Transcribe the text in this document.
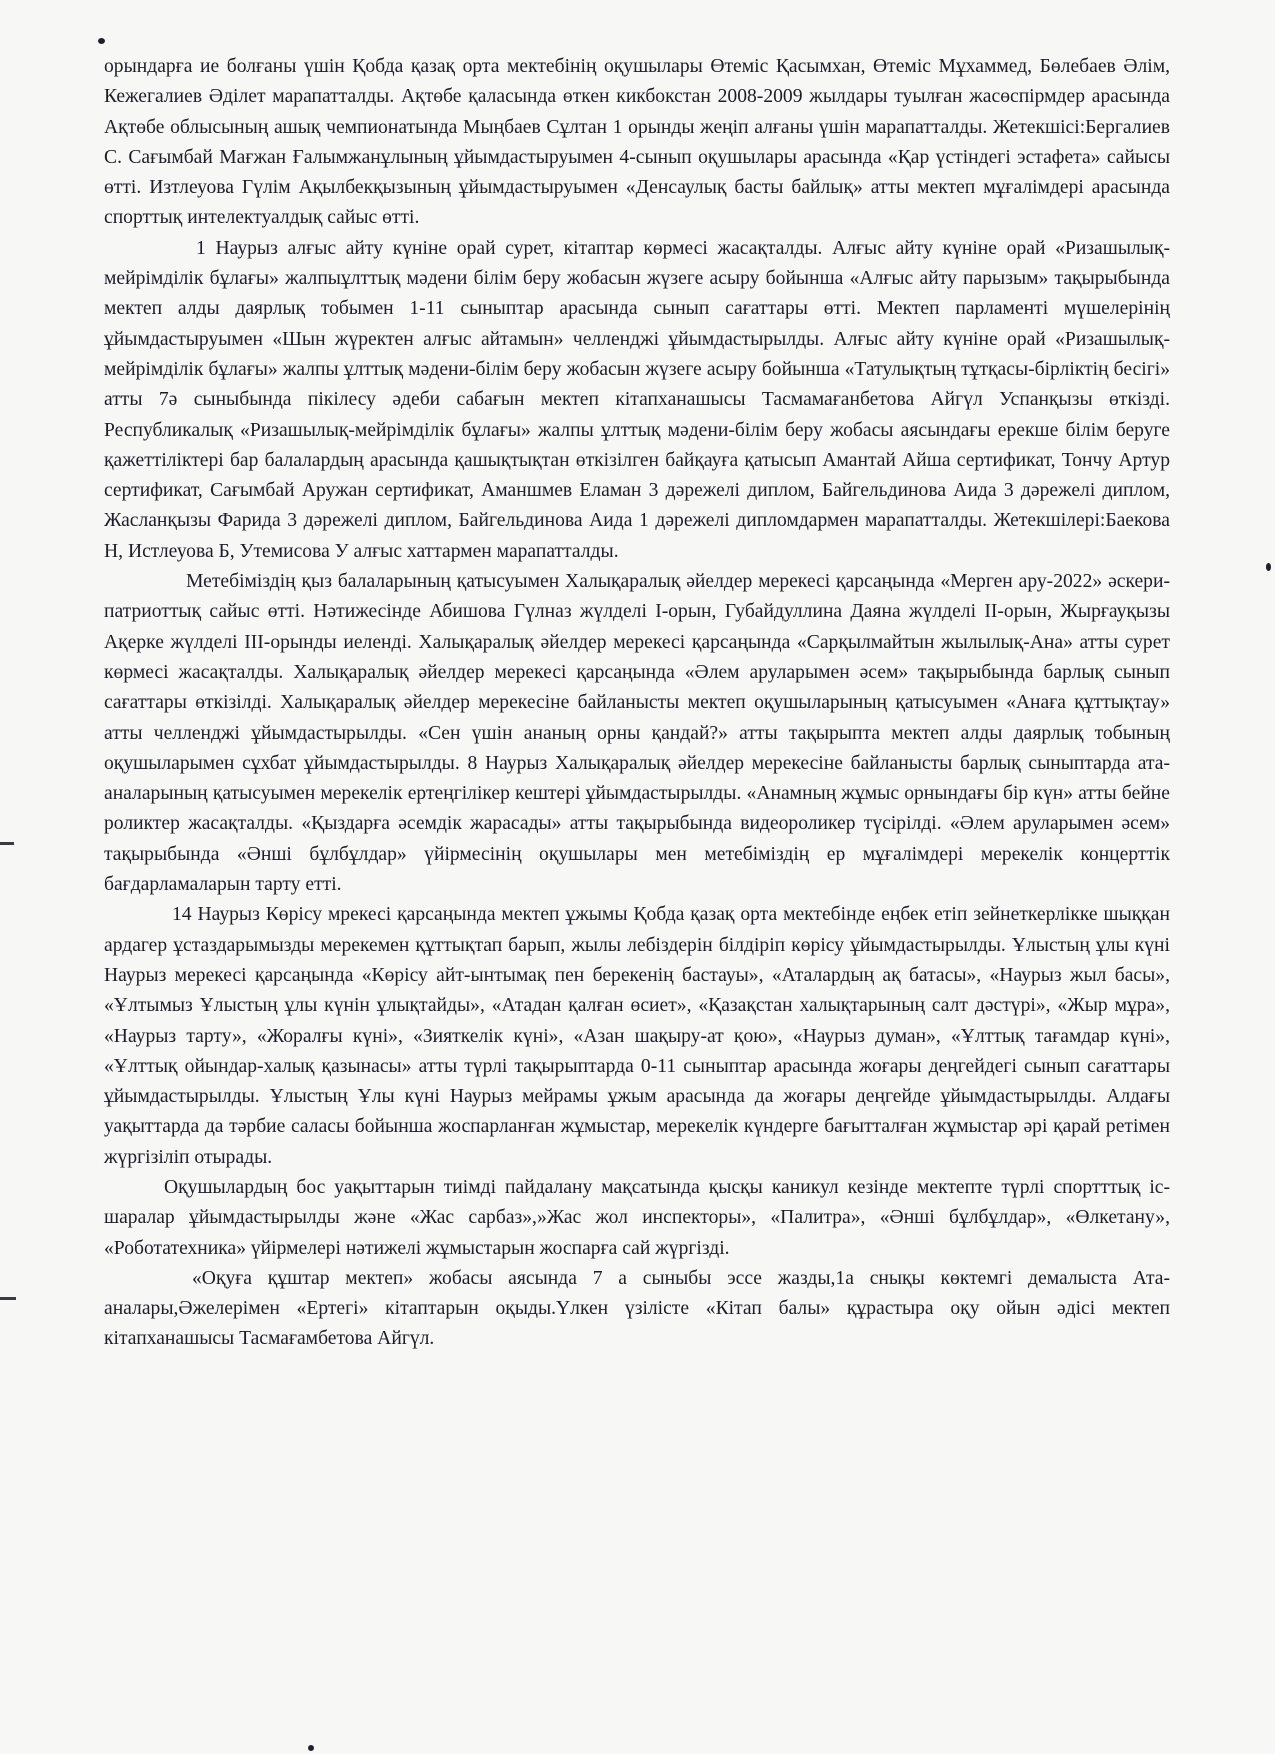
орындарға ие болғаны үшін Қобда қазақ орта мектебінің оқушылары Өтеміс Қасымхан, Өтеміс Мұхаммед, Бөлебаев Әлім, Кежегалиев Әділет марапатталды. Ақтөбе қаласында өткен кикбокстан 2008-2009 жылдары туылған жасөспірмдер арасында Ақтөбе облысының ашық чемпионатында Мыңбаев Сұлтан 1 орынды жеңіп алғаны үшін марапатталды. Жетекшісі:Бергалиев С. Сағымбай Мағжан Ғалымжанұлының ұйымдастыруымен 4-сынып оқушылары арасында «Қар үстіндегі эстафета» сайысы өтті. Изтлеуова Гүлім Ақылбекқызының ұйымдастыруымен «Денсаулық басты байлық» атты мектеп мұғалімдері арасында спорттық интелектуалдық сайыс өтті.

1 Наурыз алғыс айту күніне орай сурет, кітаптар көрмесі жасақталды. Алғыс айту күніне орай «Ризашылық-мейрімділік бұлағы» жалпыұлттық мәдени білім беру жобасын жүзеге асыру бойынша «Алғыс айту парызым» тақырыбында мектеп алды даярлық тобымен 1-11 сыныптар арасында сынып сағаттары өтті. Мектеп парламенті мүшелерінің ұйымдастыруымен «Шын жүректен алғыс айтамын» челленджі ұйымдастырылды. Алғыс айту күніне орай «Ризашылық-мейрімділік бұлағы» жалпы ұлттық мәдени-білім беру жобасын жүзеге асыру бойынша «Татулықтың тұтқасы-бірліктің бесігі» атты 7ә сыныбында пікілесу әдеби сабағын мектеп кітапханашысы Тасмамағанбетова Айгүл Успанқызы өткізді. Республикалық «Ризашылық-мейрімділік бұлағы» жалпы ұлттық мәдени-білім беру жобасы аясындағы ерекше білім беруге қажеттіліктері бар балалардың арасында қашықтықтан өткізілген байқауға қатысып Амантай Айша сертификат, Тончу Артур сертификат, Сағымбай Аружан сертификат, Аманшмев Еламан 3 дәрежелі диплом, Байгельдинова Аида 3 дәрежелі диплом, Жасланқызы Фарида 3 дәрежелі диплом, Байгельдинова Аида 1 дәрежелі дипломдармен марапатталды. Жетекшілері:Баекова Н, Истлеуова Б, Утемисова У алғыс хаттармен марапатталды.

Метебіміздің қыз балаларының қатысуымен Халықаралық әйелдер мерекесі қарсаңында «Мерген ару-2022» әскери-патриоттық сайыс өтті. Нәтижесінде Абишова Гүлназ жүлделі І-орын, Губайдуллина Даяна жүлделі ІІ-орын, Жырғауқызы Ақерке жүлделі ІІІ-орынды иеленді. Халықаралық әйелдер мерекесі қарсаңында «Сарқылмайтын жылылық-Ана» атты сурет көрмесі жасақталды. Халықаралық әйелдер мерекесі қарсаңында «Әлем аруларымен әсем» тақырыбында барлық сынып сағаттары өткізілді. Халықаралық әйелдер мерекесіне байланысты мектеп оқушыларының қатысуымен «Анаға құттықтау» атты челленджі ұйымдастырылды. «Сен үшін ананың орны қандай?» атты тақырыпта мектеп алды даярлық тобының оқушыларымен сұхбат ұйымдастырылды. 8 Наурыз Халықаралық әйелдер мерекесіне байланысты барлық сыныптарда ата-аналарының қатысуымен мерекелік ертеңгілікер кештері ұйымдастырылды. «Анамның жұмыс орнындағы бір күн» атты бейне роликтер жасақталды. «Қыздарға әсемдік жарасады» атты тақырыбында видеороликер түсірілді. «Әлем аруларымен әсем» тақырыбында «Әнші бұлбұлдар» үйірмесінің оқушылары мен метебіміздің ер мұғалімдері мерекелік концерттік бағдарламаларын тарту етті.

14 Наурыз Көрісу мрекесі қарсаңында мектеп ұжымы Қобда қазақ орта мектебінде еңбек етіп зейнеткерлікке шыққан ардагер ұстаздарымызды мерекемен құттықтап барып, жылы лебіздерін білдіріп көрісу ұйымдастырылды. Ұлыстың ұлы күні Наурыз мерекесі қарсаңында «Көрісу айт-ынтымақ пен берекенің бастауы», «Аталардың ақ батасы», «Наурыз жыл басы», «Ұлтымыз Ұлыстың ұлы күнін ұлықтайды», «Атадан қалған өсиет», «Қазақстан халықтарының салт дәстүрі», «Жыр мұра», «Наурыз тарту», «Жоралғы күні», «Зияткелік күні», «Азан шақыру-ат қою», «Наурыз думан», «Ұлттық тағамдар күні», «Ұлттық ойындар-халық қазынасы» атты түрлі тақырыптарда 0-11 сыныптар арасында жоғары деңгейдегі сынып сағаттары ұйымдастырылды. Ұлыстың Ұлы күні Наурыз мейрамы ұжым арасында да жоғары деңгейде ұйымдастырылды. Алдағы уақыттарда да тәрбие саласы бойынша жоспарланған жұмыстар, мерекелік күндерге бағытталған жұмыстар әрі қарай ретімен жүргізіліп отырады.

Оқушылардың бос уақыттарын тиімді пайдалану мақсатында қысқы каникул кезінде мектепте түрлі спортттық іс-шаралар ұйымдастырылды және «Жас сарбаз»,»Жас жол инспекторы», «Палитра», «Әнші бұлбұлдар», «Өлкетану», «Роботатехника» үйірмелері нәтижелі жұмыстарын жоспарға сай жүргізді.

«Оқуға құштар мектеп» жобасы аясында 7 а сыныбы эссе жазды,1а снықы көктемгі демалыста Ата-аналары,Әжелерімен «Ертегі» кітаптарын оқыды.Үлкен үзілісте «Кітап балы» құрастыра оқу ойын әдісі мектеп кітапханашысы Тасмағамбетова Айгүл.
